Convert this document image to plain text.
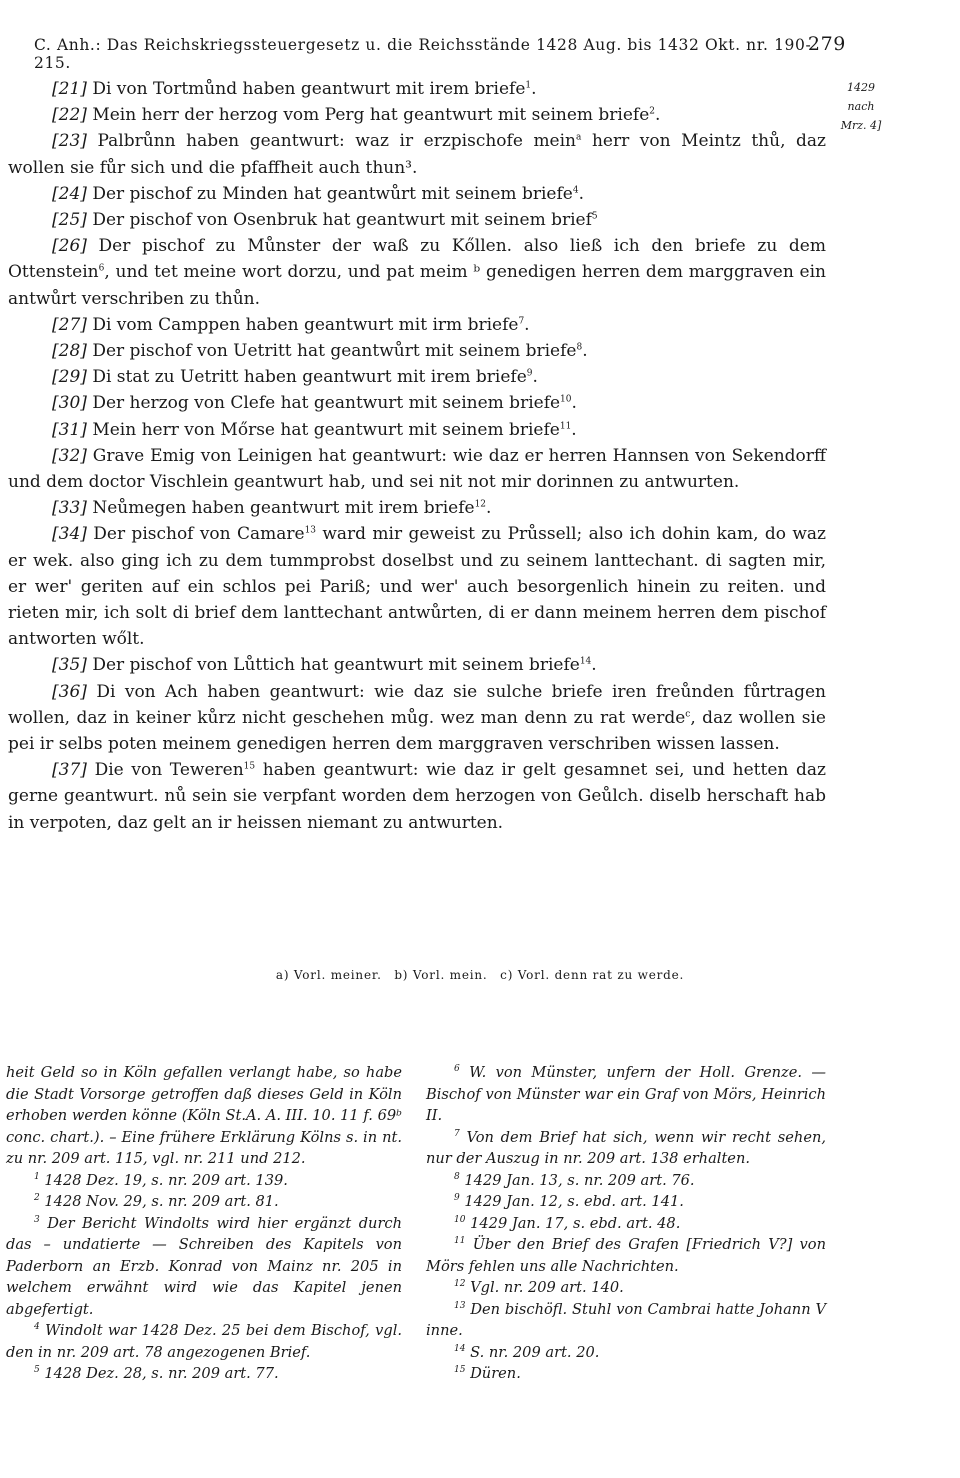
C. Anh.: Das Reichskriegssteuergesetz u. die Reichsstände 1428 Aug. bis 1432 Okt. nr. 190-215.
279
1429
nach
Mrz. 4]

[21] Di von Tortmůnd haben geantwurt mit irem briefe$^1$.

[22] Mein herr der herzog vom Perg hat geantwurt mit seinem briefe$^2$.

[23] Palbrůnn haben geantwurt: waz ir erzpischofe mein$^a$ herr von Meintz thů, daz wollen sie fůr sich und die pfaffheit auch thun³.

[24] Der pischof zu Minden hat geantwůrt mit seinem briefe$^4$.

[25] Der pischof von Osenbruk hat geantwurt mit seinem brief$^5$

[26] Der pischof zu Můnster der waß zu Kőllen. also ließ ich den briefe zu dem Ottenstein$^6$, und tet meine wort dorzu, und pat meim ᵇ genedigen herren dem marggraven ein antwůrt verschriben zu thůn.

[27] Di vom Camppen haben geantwurt mit irm briefe$^7$.

[28] Der pischof von Uetritt hat geantwůrt mit seinem briefe$^8$.

[29] Di stat zu Uetritt haben geantwurt mit irem briefe$^9$.

[30] Der herzog von Clefe hat geantwurt mit seinem briefe$^{10}$.

[31] Mein herr von Mőrse hat geantwurt mit seinem briefe$^{11}$.

[32] Grave Emig von Leinigen hat geantwurt: wie daz er herren Hannsen von Sekendorff und dem doctor Vischlein geantwurt hab, und sei nit not mir dorinnen zu antwurten.

[33] Neůmegen haben geantwurt mit irem briefe$^{12}$.

[34] Der pischof von Camare$^{13}$ ward mir geweist zu Průssell; also ich dohin kam, do waz er wek. also ging ich zu dem tummprobst doselbst und zu seinem lanttechant. di sagten mir, er wer' geriten auf ein schlos pei Pariß; und wer' auch besorgenlich hinein zu reiten. und rieten mir, ich solt di brief dem lanttechant antwůrten, di er dann meinem herren dem pischof antworten wőlt.

[35] Der pischof von Lůttich hat geantwurt mit seinem briefe$^{14}$.

[36] Di von Ach haben geantwurt: wie daz sie sulche briefe iren freůnden fůrtragen wollen, daz in keiner kůrz nicht geschehen můg. wez man denn zu rat werde$^c$, daz wollen sie pei ir selbs poten meinem genedigen herren dem marggraven verschriben wissen lassen.

[37] Die von Teweren$^{15}$ haben geantwurt: wie daz ir gelt gesamnet sei, und hetten daz gerne geantwurt. nů sein sie verpfant worden dem herzogen von Geůlch. diselb herschaft hab in verpoten, daz gelt an ir heissen niemant zu antwurten.

a) Vorl. meiner. b) Vorl. mein. c) Vorl. denn rat zu werde.

heit Geld so in Köln gefallen verlangt habe, so habe die Stadt Vorsorge getroffen daß dieses Geld in Köln erhoben werden könne (Köln St.A. A. III. 10. 11 f. 69ᵇ conc. chart.). – Eine frühere Erklärung Kölns s. in nt. zu nr. 209 art. 115, vgl. nr. 211 und 212.

$^1$ 1428 Dez. 19, s. nr. 209 art. 139.

$^2$ 1428 Nov. 29, s. nr. 209 art. 81.

$^3$ Der Bericht Windolts wird hier ergänzt durch das – undatierte — Schreiben des Kapitels von Paderborn an Erzb. Konrad von Mainz nr. 205 in welchem erwähnt wird wie das Kapitel jenen abgefertigt.

$^4$ Windolt war 1428 Dez. 25 bei dem Bischof, vgl. den in nr. 209 art. 78 angezogenen Brief.

$^5$ 1428 Dez. 28, s. nr. 209 art. 77.

$^6$ W. von Münster, unfern der Holl. Grenze. — Bischof von Münster war ein Graf von Mörs, Heinrich II.

$^7$ Von dem Brief hat sich, wenn wir recht sehen, nur der Auszug in nr. 209 art. 138 erhalten.

$^8$ 1429 Jan. 13, s. nr. 209 art. 76.

$^9$ 1429 Jan. 12, s. ebd. art. 141.

$^{10}$ 1429 Jan. 17, s. ebd. art. 48.

$^{11}$ Über den Brief des Grafen [Friedrich V?] von Mörs fehlen uns alle Nachrichten.

$^{12}$ Vgl. nr. 209 art. 140.

$^{13}$ Den bischöfl. Stuhl von Cambrai hatte Johann V inne.

$^{14}$ S. nr. 209 art. 20.

$^{15}$ Düren.
